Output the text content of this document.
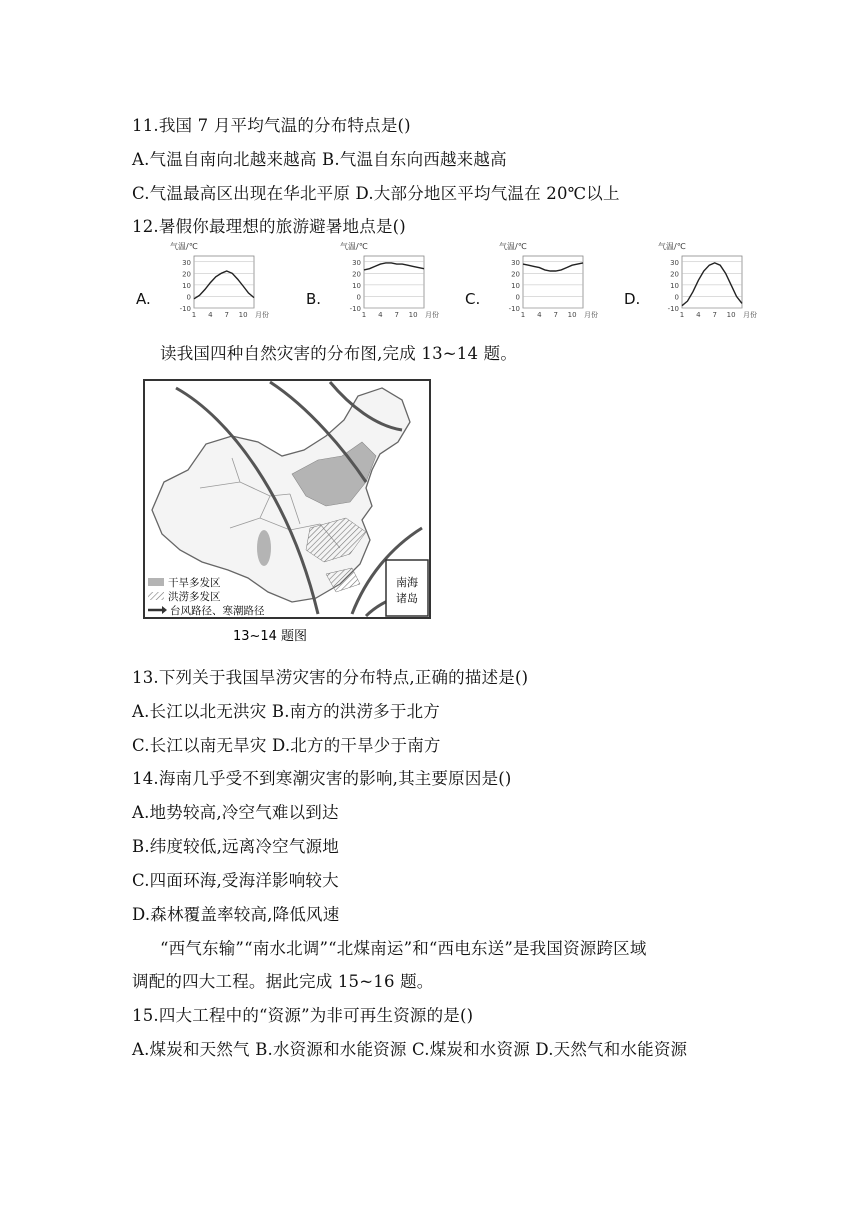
11.我国 7 月平均气温的分布特点是()
A.气温自南向北越来越高 B.气温自东向西越来越高
C.气温最高区出现在华北平原 D.大部分地区平均气温在 20℃以上
12.暑假你最理想的旅游避暑地点是()
A.
气温/℃
30
20
10
0
-10
1 4 7 10 月份
B.
气温/℃
30
20
10
0
-10
1 4 7 10 月份
C.
气温/℃
30
20
10
0
-10
1 4 7 10 月份
D.
气温/℃
30
20
10
0
-10
1 4 7 10 月份
读我国四种自然灾害的分布图,完成 13~14 题。
南海
诸岛
干旱多发区
洪涝多发区
台风路径、寒潮路径
13~14 题图
13.下列关于我国旱涝灾害的分布特点,正确的描述是()
A.长江以北无洪灾 B.南方的洪涝多于北方
C.长江以南无旱灾 D.北方的干旱少于南方
14.海南几乎受不到寒潮灾害的影响,其主要原因是()
A.地势较高,冷空气难以到达
B.纬度较低,远离冷空气源地
C.四面环海,受海洋影响较大
D.森林覆盖率较高,降低风速
“西气东输”“南水北调”“北煤南运”和“西电东送”是我国资源跨区域
调配的四大工程。据此完成 15~16 题。
15.四大工程中的“资源”为非可再生资源的是()
A.煤炭和天然气 B.水资源和水能资源 C.煤炭和水资源 D.天然气和水能资源
